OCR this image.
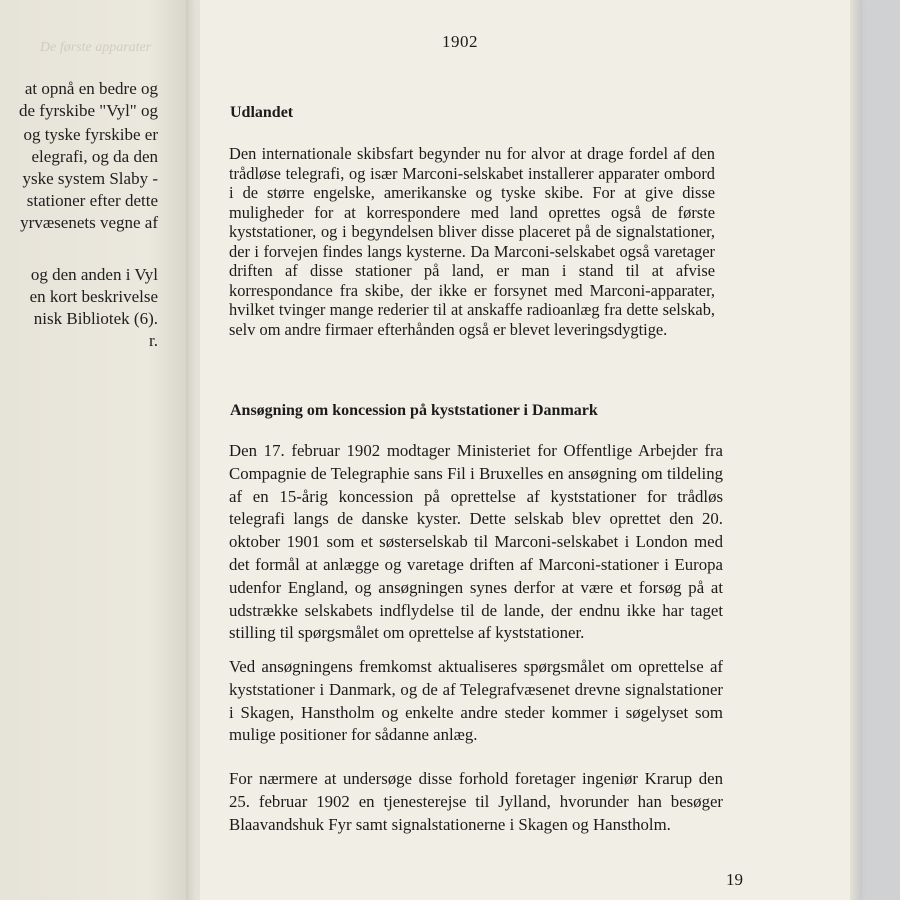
De første apparater
at opnå en bedre og
de fyrskibe "Vyl" og
og tyske fyrskibe er
elegrafi, og da den
yske system Slaby -
stationer efter dette
yrvæsenets vegne af
og den anden i Vyl
en kort beskrivelse
nisk Bibliotek (6).
r.
1902
Udlandet
Den internationale skibsfart begynder nu for alvor at drage fordel af den trådløse telegrafi, og især Marconi-selskabet installerer apparater ombord i de større engelske, amerikanske og tyske skibe. For at give disse muligheder for at korrespondere med land oprettes også de første kyststationer, og i begyndelsen bliver disse placeret på de signalstationer, der i forvejen findes langs kysterne. Da Marconi-selskabet også varetager driften af disse stationer på land, er man i stand til at afvise korrespondance fra skibe, der ikke er forsynet med Marconi-apparater, hvilket tvinger mange rederier til at anskaffe radioanlæg fra dette selskab, selv om andre firmaer efterhånden også er blevet leveringsdygtige.
Ansøgning om koncession på kyststationer i Danmark
Den 17. februar 1902 modtager Ministeriet for Offentlige Arbejder fra Compagnie de Telegraphie sans Fil i Bruxelles en ansøgning om tildeling af en 15-årig koncession på oprettelse af kyststationer for trådløs telegrafi langs de danske kyster. Dette selskab blev oprettet den 20. oktober 1901 som et søsterselskab til Marconi-selskabet i London med det formål at anlægge og varetage driften af Marconi-stationer i Europa udenfor England, og ansøgningen synes derfor at være et forsøg på at udstrække selskabets indflydelse til de lande, der endnu ikke har taget stilling til spørgsmålet om oprettelse af kyststationer.
Ved ansøgningens fremkomst aktualiseres spørgsmålet om oprettelse af kyststationer i Danmark, og de af Telegrafvæsenet drevne signalstationer i Skagen, Hanstholm og enkelte andre steder kommer i søgelyset som mulige positioner for sådanne anlæg.
For nærmere at undersøge disse forhold foretager ingeniør Krarup den 25. februar 1902 en tjenesterejse til Jylland, hvorunder han besøger Blaavandshuk Fyr samt signalstationerne i Skagen og Hanstholm.
19
